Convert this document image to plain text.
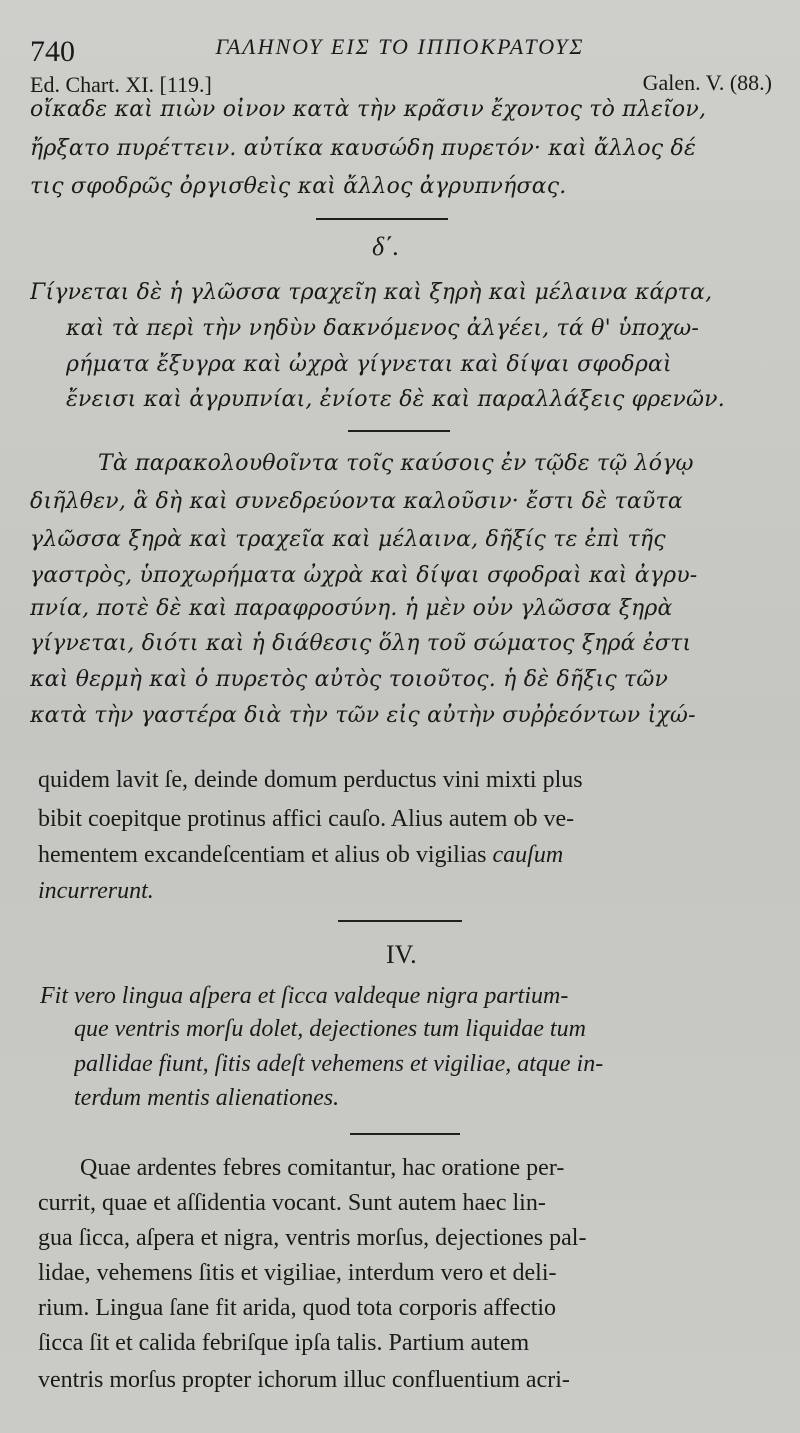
740	ΓΑΛΗΝΟΥ ΕΙΣ ΤΟ ΙΠΠΟΚΡΑΤΟΥΣ
Ed. Chart. XI. [119.]	Galen. V. (88.)
οἴκαδε καὶ πιὼν οἶνον κατὰ τὴν κρᾶσιν ἔχοντος τὸ πλεῖον,
ἤρξατο πυρέττειν. αὐτίκα καυσώδη πυρετόν· καὶ ἄλλος δέ
τις σφοδρῶς ὀργισθεὶς καὶ ἄλλος ἀγρυπνήσας.
δ΄.
Γίγνεται δὲ ἡ γλῶσσα τραχεῖη καὶ ξηρὴ καὶ μέλαινα κάρτα,
καὶ τὰ περὶ τὴν νηδὺν δακνόμενος ἀλγέει, τά θ' ὑποχω-
ρήματα ἔξυγρα καὶ ὠχρὰ γίγνεται καὶ δίψαι σφοδραὶ
ἔνεισι καὶ ἀγρυπνίαι, ἐνίοτε δὲ καὶ παραλλάξεις φρενῶν.
Τὰ παρακολουθοῖντα τοῖς καύσοις ἐν τῷδε τῷ λόγῳ
διῆλθεν, ἃ δὴ καὶ συνεδρεύοντα καλοῦσιν· ἔστι δὲ ταῦτα
γλῶσσα ξηρὰ καὶ τραχεῖα καὶ μέλαινα, δῆξίς τε ἐπὶ τῆς
γαστρὸς, ὑποχωρήματα ὠχρὰ καὶ δίψαι σφοδραὶ καὶ ἀγρυ-
πνία, ποτὲ δὲ καὶ παραφροσύνη. ἡ μὲν οὖν γλῶσσα ξηρὰ
γίγνεται, διότι καὶ ἡ διάθεσις ὅλη τοῦ σώματος ξηρά ἐστι
καὶ θερμὴ καὶ ὁ πυρετὸς αὐτὸς τοιοῦτος. ἡ δὲ δῆξις τῶν
κατὰ τὴν γαστέρα διὰ τὴν τῶν εἰς αὐτὴν συῤῥεόντων ἰχώ-
quidem lavit ſe, deinde domum perductus vini mixti plus
bibit coepitque protinus affici cauſo. Alius autem ob ve-
hementem excandeſcentiam et alius ob vigilias cauſum
incurrerunt.
IV.
Fit vero lingua aſpera et ſicca valdeque nigra partium-
que ventris morſu dolet, dejectiones tum liquidae tum
pallidae fiunt, ſitis adeſt vehemens et vigiliae, atque in-
terdum mentis alienationes.
Quae ardentes febres comitantur, hac oratione per-
currit, quae et aſſidentia vocant. Sunt autem haec lin-
gua ſicca, aſpera et nigra, ventris morſus, dejectiones pal-
lidae, vehemens ſitis et vigiliae, interdum vero et deli-
rium. Lingua ſane fit arida, quod tota corporis affectio
ſicca ſit et calida febriſque ipſa talis. Partium autem
ventris morſus propter ichorum illuc confluentium acri-
